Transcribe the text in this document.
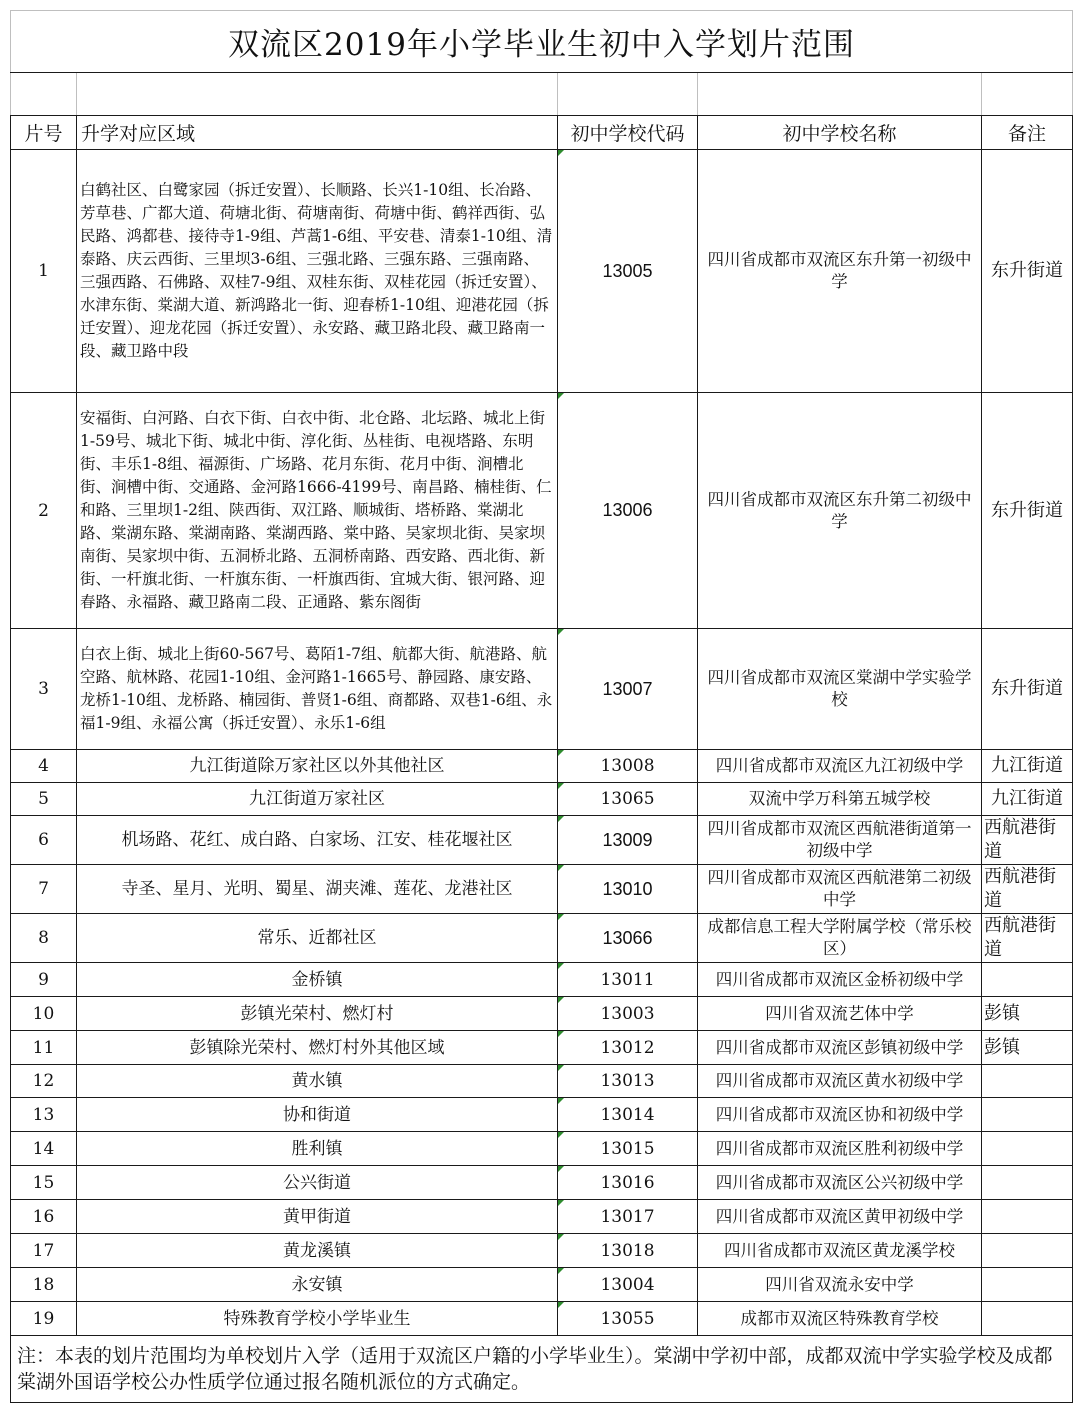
双流区2019年小学毕业生初中入学划片范围				

片号	升学对应区域	初中学校代码	初中学校名称	备注
1	白鹤社区、白鹭家园（拆迁安置）、长顺路、长兴1-10组、长冶路、芳草巷、广都大道、荷塘北街、荷塘南街、荷塘中街、鹤祥西街、弘民路、鸿都巷、接待寺1-9组、芦蒿1-6组、平安巷、清泰1-10组、清泰路、庆云西街、三里坝3-6组、三强北路、三强东路、三强南路、三强西路、石佛路、双桂7-9组、双桂东街、双桂花园（拆迁安置）、水津东街、棠湖大道、新鸿路北一街、迎春桥1-10组、迎港花园（拆迁安置）、迎龙花园（拆迁安置）、永安路、藏卫路北段、藏卫路南一段、藏卫路中段	13005	四川省成都市双流区东升第一初级中学	东升街道
2	安福街、白河路、白衣下街、白衣中街、北仓路、北坛路、城北上街1-59号、城北下街、城北中街、淳化街、丛桂街、电视塔路、东明街、丰乐1-8组、福源街、广场路、花月东街、花月中街、涧槽北街、涧槽中街、交通路、金河路1666-4199号、南昌路、楠桂街、仁和路、三里坝1-2组、陕西街、双江路、顺城街、塔桥路、棠湖北路、棠湖东路、棠湖南路、棠湖西路、棠中路、吴家坝北街、吴家坝南街、吴家坝中街、五洞桥北路、五洞桥南路、西安路、西北街、新街、一杆旗北街、一杆旗东街、一杆旗西街、宜城大街、银河路、迎春路、永福路、藏卫路南二段、正通路、紫东阁街	13006	四川省成都市双流区东升第二初级中学	东升街道
3	白衣上街、城北上街60-567号、葛陌1-7组、航都大街、航港路、航空路、航林路、花园1-10组、金河路1-1665号、静园路、康安路、龙桥1-10组、龙桥路、楠园街、普贤1-6组、商都路、双巷1-6组、永福1-9组、永福公寓（拆迁安置）、永乐1-6组	13007	四川省成都市双流区棠湖中学实验学校	东升街道
4	九江街道除万家社区以外其他社区	13008	四川省成都市双流区九江初级中学	九江街道
5	九江街道万家社区	13065	双流中学万科第五城学校	九江街道
6	机场路、花红、成白路、白家场、江安、桂花堰社区	13009	四川省成都市双流区西航港街道第一初级中学	西航港街道
7	寺圣、星月、光明、蜀星、湖夹滩、莲花、龙港社区	13010	四川省成都市双流区西航港第二初级中学	西航港街道
8	常乐、近都社区	13066	成都信息工程大学附属学校（常乐校区）	西航港街道
9	金桥镇	13011	四川省成都市双流区金桥初级中学	
10	彭镇光荣村、燃灯村	13003	四川省双流艺体中学	彭镇
11	彭镇除光荣村、燃灯村外其他区域	13012	四川省成都市双流区彭镇初级中学	彭镇
12	黄水镇	13013	四川省成都市双流区黄水初级中学	
13	协和街道	13014	四川省成都市双流区协和初级中学	
14	胜利镇	13015	四川省成都市双流区胜利初级中学	
15	公兴街道	13016	四川省成都市双流区公兴初级中学	
16	黄甲街道	13017	四川省成都市双流区黄甲初级中学	
17	黄龙溪镇	13018	四川省成都市双流区黄龙溪学校	
18	永安镇	13004	四川省双流永安中学	
19	特殊教育学校小学毕业生	13055	成都市双流区特殊教育学校	
注：本表的划片范围均为单校划片入学（适用于双流区户籍的小学毕业生）。棠湖中学初中部，成都双流中学实验学校及成都棠湖外国语学校公办性质学位通过报名随机派位的方式确定。				
